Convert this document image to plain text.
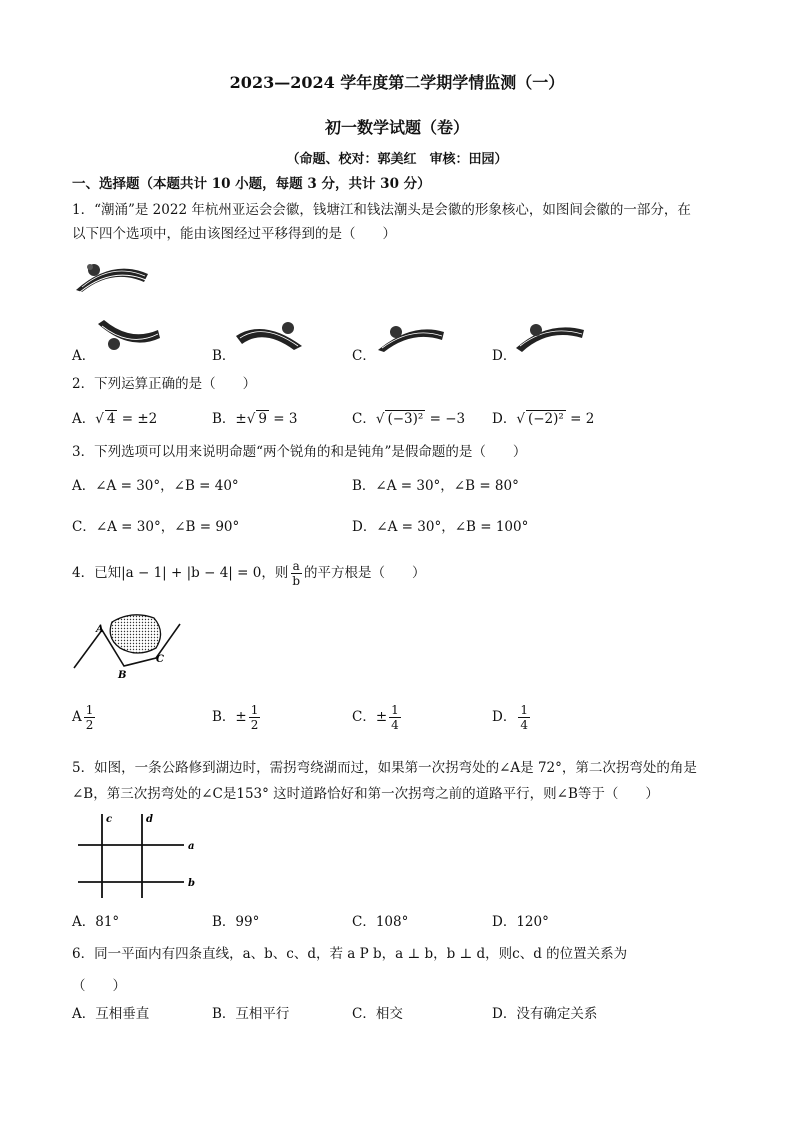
2023—2024 学年度第二学期学情监测（一）
初一数学试题（卷）
（命题、校对：郭美红　审核：田园）
一、选择题（本题共计 10 小题，每题 3 分，共计 30 分）
1．“潮涌”是 2022 年杭州亚运会会徽，钱塘江和钱法潮头是会徽的形象核心，如图间会徽的一部分，在
以下四个选项中，能由该图经过平移得到的是（　　）
A．	B．	C．	D．
2．下列运算正确的是（　　）
A．√ 4 = ±2	B．±√ 9 = 3	C．√ (−3)² = −3 D．√ (−2)² = 2
3．下列选项可以用来说明命题“两个锐角的和是钝角”是假命题的是（　　）
A．∠A = 30°，∠B = 40°	B．∠A = 30°，∠B = 80°
C．∠A = 30°，∠B = 90°	D．∠A = 30°，∠B = 100°
4．已知|a − 1| + |b − 4| = 0，则 $\frac{a}{b}$ 的平方根是（　　）
A
B
C
A $\frac{1}{2}$	B．± $\frac{1}{2}$	C．± $\frac{1}{4}$	D． $\frac{1}{4}$
5．如图，一条公路修到湖边时，需拐弯绕湖而过，如果第一次拐弯处的∠A是 72°，第二次拐弯处的角是
∠B，第三次拐弯处的∠C是153° 这时道路恰好和第一次拐弯之前的道路平行，则∠B等于（　　）
c	d
a
b
A．81°	B．99°	C．108°	D．120°
6．同一平面内有四条直线，a、b、c、d，若 a P b，a ⊥ b，b ⊥ d，则c、d 的位置关系为
（　　）
A．互相垂直	B．互相平行	C．相交	D．没有确定关系
